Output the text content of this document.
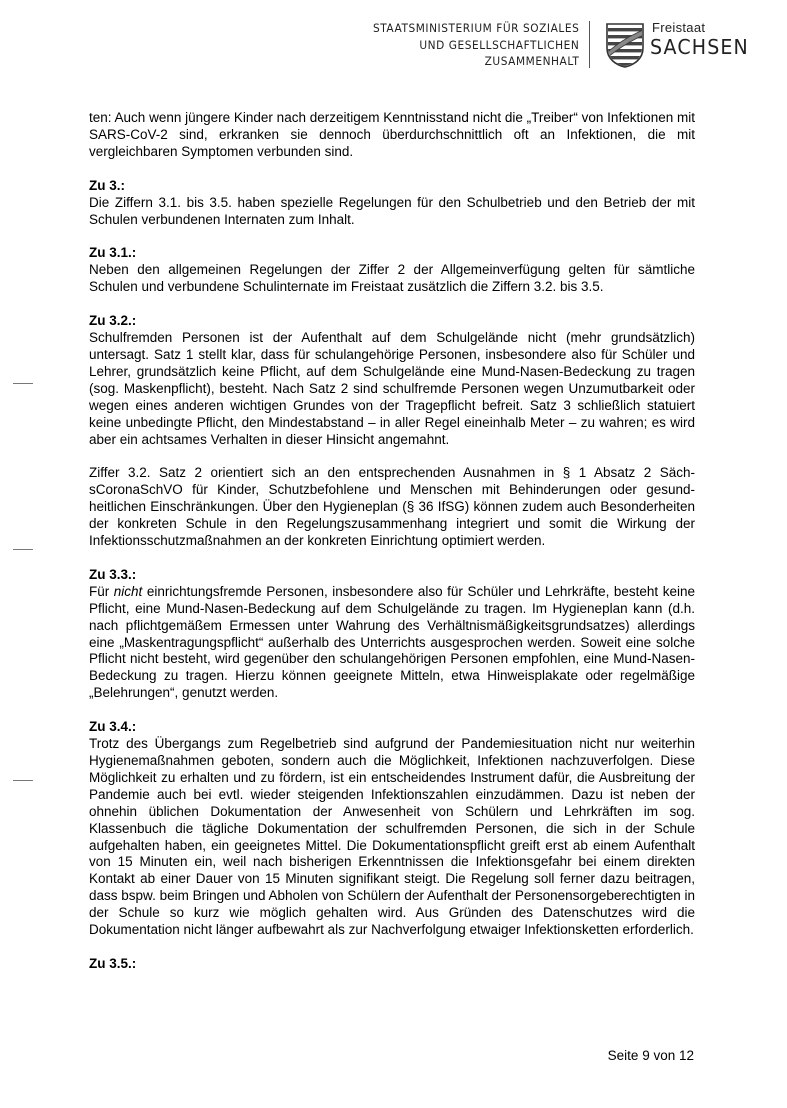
STAATSMINISTERIUM FÜR SOZIALES
UND GESELLSCHAFTLICHEN
ZUSAMMENHALT
Freistaat
SACHSEN

ten: Auch wenn jüngere Kinder nach derzeitigem Kenntnisstand nicht die „Treiber“ von Infektionen mit SARS-CoV-2 sind, erkranken sie dennoch überdurchschnittlich oft an Infektionen, die mit vergleichbaren Symptomen verbunden sind.

Zu 3.:

Die Ziffern 3.1. bis 3.5. haben spezielle Regelungen für den Schulbetrieb und den Betrieb der mit Schulen verbundenen Internaten zum Inhalt.

Zu 3.1.:

Neben den allgemeinen Regelungen der Ziffer 2 der Allgemeinverfügung gelten für sämtliche Schulen und verbundene Schulinternate im Freistaat zusätzlich die Ziffern 3.2. bis 3.5.

Zu 3.2.:

Schulfremden Personen ist der Aufenthalt auf dem Schulgelände nicht (mehr grundsätzlich) untersagt. Satz 1 stellt klar, dass für schulangehörige Personen, insbesondere also für Schüler und Lehrer, grundsätzlich keine Pflicht, auf dem Schulgelände eine Mund-Nasen-Bedeckung zu tragen (sog. Maskenpflicht), besteht. Nach Satz 2 sind schulfremde Personen wegen Unzumutbarkeit oder wegen eines anderen wichtigen Grundes von der Tragepflicht befreit. Satz 3 schließlich statuiert keine unbedingte Pflicht, den Mindestabstand – in aller Regel eineinhalb Meter – zu wahren; es wird aber ein achtsames Verhalten in dieser Hinsicht angemahnt.

Ziffer 3.2. Satz 2 orientiert sich an den entsprechenden Ausnahmen in § 1 Absatz 2 SächsCoronaSchVO für Kinder, Schutzbefohlene und Menschen mit Behinderungen oder gesundheitlichen Einschränkungen. Über den Hygieneplan (§ 36 IfSG) können zudem auch Besonderheiten der konkreten Schule in den Regelungszusammenhang integriert und somit die Wirkung der Infektionsschutzmaßnahmen an der konkreten Einrichtung optimiert werden.

Zu 3.3.:

Für nicht einrichtungsfremde Personen, insbesondere also für Schüler und Lehrkräfte, besteht keine Pflicht, eine Mund-Nasen-Bedeckung auf dem Schulgelände zu tragen. Im Hygieneplan kann (d.h. nach pflichtgemäßem Ermessen unter Wahrung des Verhältnismäßigkeitsgrundsatzes) allerdings eine „Maskentragungspflicht“ außerhalb des Unterrichts ausgesprochen werden. Soweit eine solche Pflicht nicht besteht, wird gegenüber den schulangehörigen Personen empfohlen, eine Mund-Nasen-Bedeckung zu tragen. Hierzu können geeignete Mitteln, etwa Hinweisplakate oder regelmäßige „Belehrungen“, genutzt werden.

Zu 3.4.:

Trotz des Übergangs zum Regelbetrieb sind aufgrund der Pandemiesituation nicht nur weiterhin Hygienemaßnahmen geboten, sondern auch die Möglichkeit, Infektionen nachzuverfolgen. Diese Möglichkeit zu erhalten und zu fördern, ist ein entscheidendes Instrument dafür, die Ausbreitung der Pandemie auch bei evtl. wieder steigenden Infektionszahlen einzudämmen. Dazu ist neben der ohnehin üblichen Dokumentation der Anwesenheit von Schülern und Lehrkräften im sog. Klassenbuch die tägliche Dokumentation der schulfremden Personen, die sich in der Schule aufgehalten haben, ein geeignetes Mittel. Die Dokumentationspflicht greift erst ab einem Aufenthalt von 15 Minuten ein, weil nach bisherigen Erkenntnissen die Infektionsgefahr bei einem direkten Kontakt ab einer Dauer von 15 Minuten signifikant steigt. Die Regelung soll ferner dazu beitragen, dass bspw. beim Bringen und Abholen von Schülern der Aufenthalt der Personensorgeberechtigten in der Schule so kurz wie möglich gehalten wird. Aus Gründen des Datenschutzes wird die Dokumentation nicht länger aufbewahrt als zur Nachverfolgung etwaiger Infektionsketten erforderlich.

Zu 3.5.:

Seite 9 von 12
